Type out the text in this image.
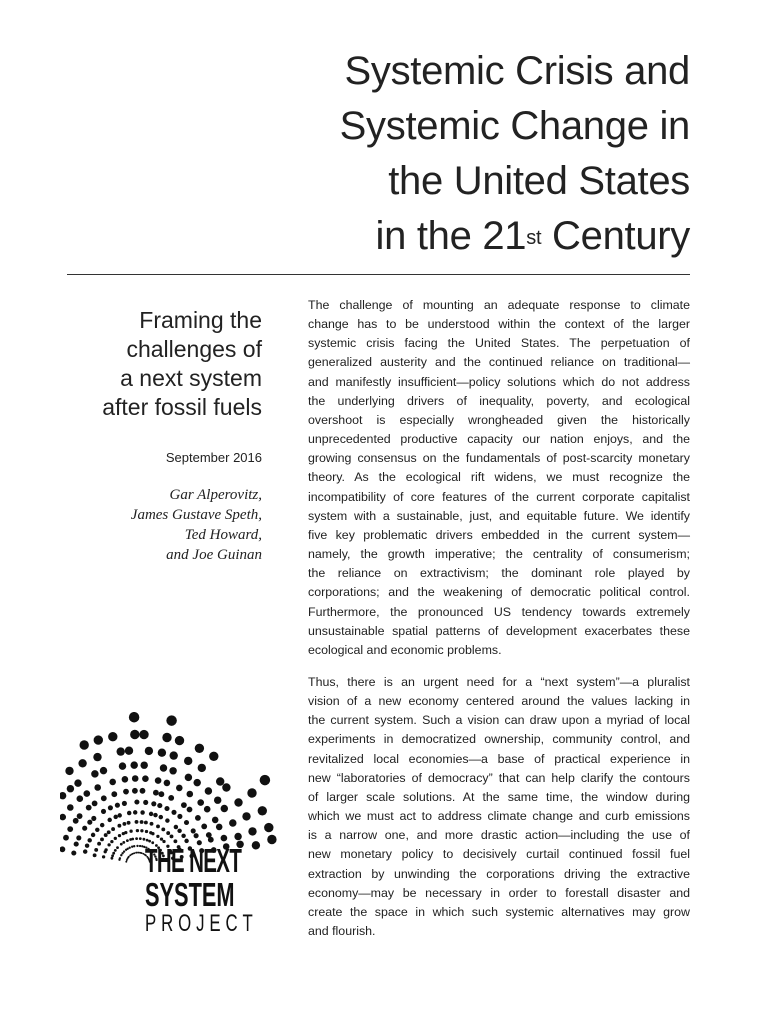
Systemic Crisis and
Systemic Change in
the United States
in the 21st Century
Framing the
challenges of
a next system
after fossil fuels
September 2016
Gar Alperovitz,
James Gustave Speth,
Ted Howard,
and Joe Guinan
The challenge of mounting an adequate response to climate
change has to be understood within the context of the larger
systemic crisis facing the United States. The perpetuation of
generalized austerity and the continued reliance on traditional—
and manifestly insufficient—policy solutions which do not address
the underlying drivers of inequality, poverty, and ecological
overshoot is especially wrongheaded given the historically
unprecedented productive capacity our nation enjoys, and the
growing consensus on the fundamentals of post-scarcity monetary
theory. As the ecological rift widens, we must recognize the
incompatibility of core features of the current corporate capitalist
system with a sustainable, just, and equitable future. We identify
five key problematic drivers embedded in the current system—
namely, the growth imperative; the centrality of consumerism;
the reliance on extractivism; the dominant role played by
corporations; and the weakening of democratic political control.
Furthermore, the pronounced US tendency towards extremely
unsustainable spatial patterns of development exacerbates these
ecological and economic problems.
Thus, there is an urgent need for a “next system”—a pluralist
vision of a new economy centered around the values lacking in
the current system. Such a vision can draw upon a myriad of local
experiments in democratized ownership, community control, and
revitalized local economies—a base of practical experience in
new “laboratories of democracy” that can help clarify the contours
of larger scale solutions. At the same time, the window during
which we must act to address climate change and curb emissions
is a narrow one, and more drastic action—including the use of
new monetary policy to decisively curtail continued fossil fuel
extraction by unwinding the corporations driving the extractive
economy—may be necessary in order to forestall disaster and
create the space in which such systemic alternatives may grow
and flourish.
THE NEXT
SYSTEM
PROJECT
